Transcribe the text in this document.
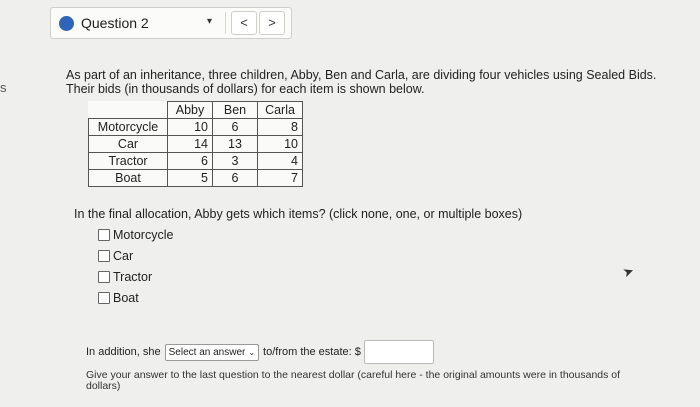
s
Question 2	▾	<	>
As part of an inheritance, three children, Abby, Ben and Carla, are dividing four vehicles using Sealed Bids.
Their bids (in thousands of dollars) for each item is shown below.
	Abby	Ben	Carla
Motorcycle	10	6	8
Car	14	13	10
Tractor	6	3	4
Boat	5	6	7
In the final allocation, Abby gets which items? (click none, one, or multiple boxes)
Motorcycle
Car
Tractor
Boat
➤
In addition, she Select an answer ⌄ to/from the estate: $
Give your answer to the last question to the nearest dollar (careful here - the original amounts were in thousands of dollars)
